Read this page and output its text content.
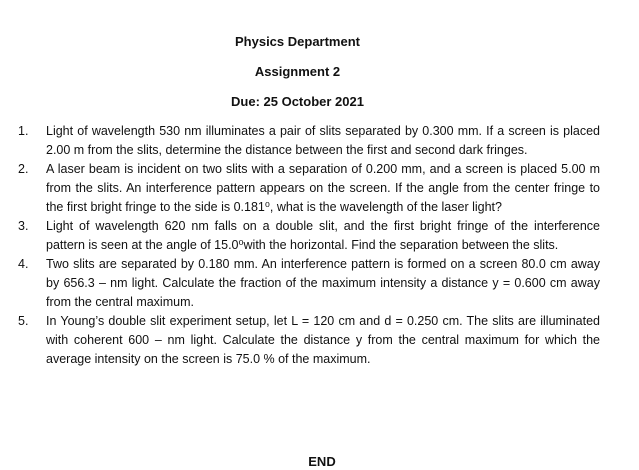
Physics Department
Assignment 2
Due: 25 October 2021
1.	Light of wavelength 530 nm illuminates a pair of slits separated by 0.300 mm. If a screen is placed 2.00 m from the slits, determine the distance between the first and second dark fringes.
2.	A laser beam is incident on two slits with a separation of 0.200 mm, and a screen is placed 5.00 m from the slits. An interference pattern appears on the screen. If the angle from the center fringe to the first bright fringe to the side is 0.181⁰, what is the wavelength of the laser light?
3.	Light of wavelength 620 nm falls on a double slit, and the first bright fringe of the interference pattern is seen at the angle of 15.0⁰with the horizontal. Find the separation between the slits.
4.	Two slits are separated by 0.180 mm. An interference pattern is formed on a screen 80.0 cm away by 656.3 – nm light. Calculate the fraction of the maximum intensity a distance y = 0.600 cm away from the central maximum.
5.	In Young’s double slit experiment setup, let L = 120 cm and d = 0.250 cm. The slits are illuminated with coherent 600 – nm light. Calculate the distance y from the central maximum for which the average intensity on the screen is 75.0 % of the maximum.
END
